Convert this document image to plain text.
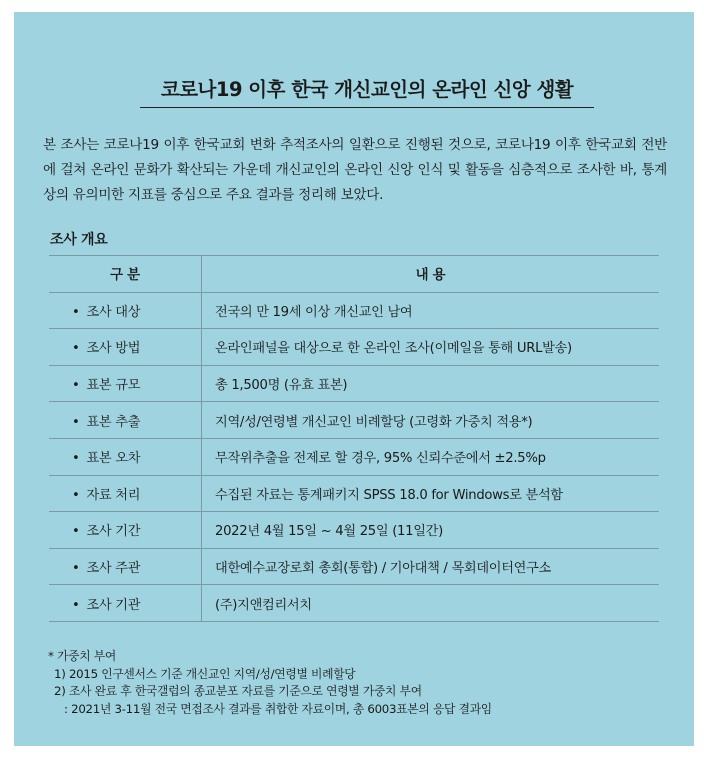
코로나19 이후 한국 개신교인의 온라인 신앙 생활
본 조사는 코로나19 이후 한국교회 변화 추적조사의 일환으로 진행된 것으로, 코로나19 이후 한국교회 전반에 걸쳐 온라인 문화가 확산되는 가운데 개신교인의 온라인 신앙 인식 및 활동을 심층적으로 조사한 바, 통계상의 유의미한 지표를 중심으로 주요 결과를 정리해 보았다.
조사 개요
구 분	내 용
• 조사 대상	전국의 만 19세 이상 개신교인 남여
• 조사 방법	온라인패널을 대상으로 한 온라인 조사(이메일을 통해 URL발송)
• 표본 규모	총 1,500명 (유효 표본)
• 표본 추출	지역/성/연령별 개신교인 비례할당 (고령화 가중치 적용*)
• 표본 오차	무작위추출을 전제로 할 경우, 95% 신뢰수준에서 ±2.5%p
• 자료 처리	수집된 자료는 통계패키지 SPSS 18.0 for Windows로 분석함
• 조사 기간	2022년 4월 15일 ~ 4월 25일 (11일간)
• 조사 주관	대한예수교장로회 총회(통합) / 기아대책 / 목회데이터연구소
• 조사 기관	(주)지앤컴리서치
* 가중치 부여
1) 2015 인구센서스 기준 개신교인 지역/성/연령별 비례할당
2) 조사 완료 후 한국갤럽의 종교분포 자료를 기준으로 연령별 가중치 부여
: 2021년 3-11월 전국 면접조사 결과를 취합한 자료이며, 총 6003표본의 응답 결과임
